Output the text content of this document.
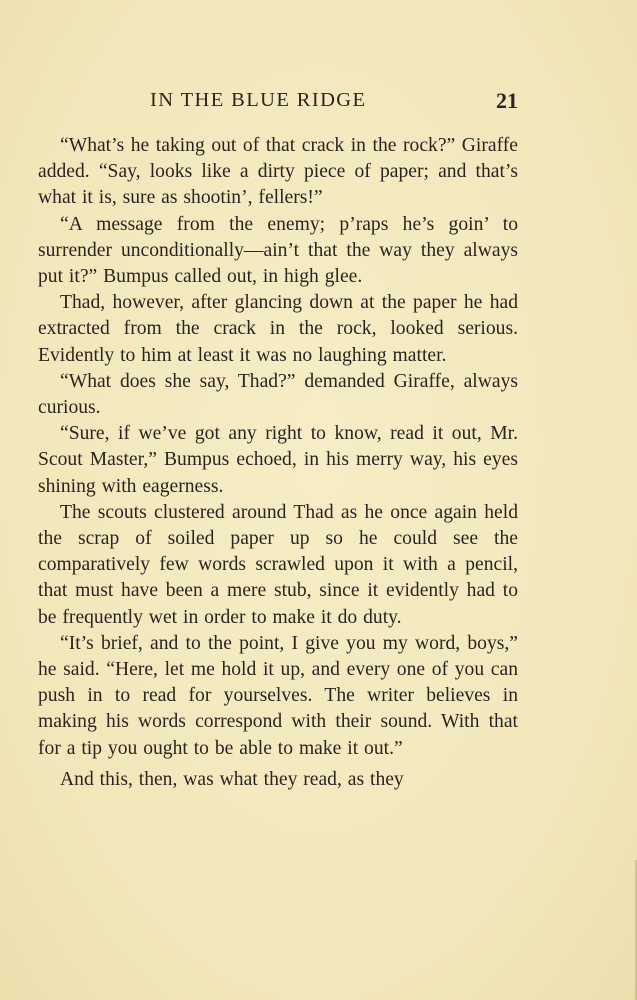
IN THE BLUE RIDGE	21

“What’s he taking out of that crack in the rock?” Giraffe added. “Say, looks like a dirty piece of paper; and that’s what it is, sure as shootin’, fellers!”

“A message from the enemy; p’raps he’s goin’ to surrender unconditionally—ain’t that the way they always put it?” Bumpus called out, in high glee.

Thad, however, after glancing down at the paper he had extracted from the crack in the rock, looked serious. Evidently to him at least it was no laughing matter.

“What does she say, Thad?” demanded Giraffe, always curious.

“Sure, if we’ve got any right to know, read it out, Mr. Scout Master,” Bumpus echoed, in his merry way, his eyes shining with eagerness.

The scouts clustered around Thad as he once again held the scrap of soiled paper up so he could see the comparatively few words scrawled upon it with a pencil, that must have been a mere stub, since it evidently had to be frequently wet in order to make it do duty.

“It’s brief, and to the point, I give you my word, boys,” he said. “Here, let me hold it up, and every one of you can push in to read for yourselves. The writer believes in making his words correspond with their sound. With that for a tip you ought to be able to make it out.”

And this, then, was what they read, as they
